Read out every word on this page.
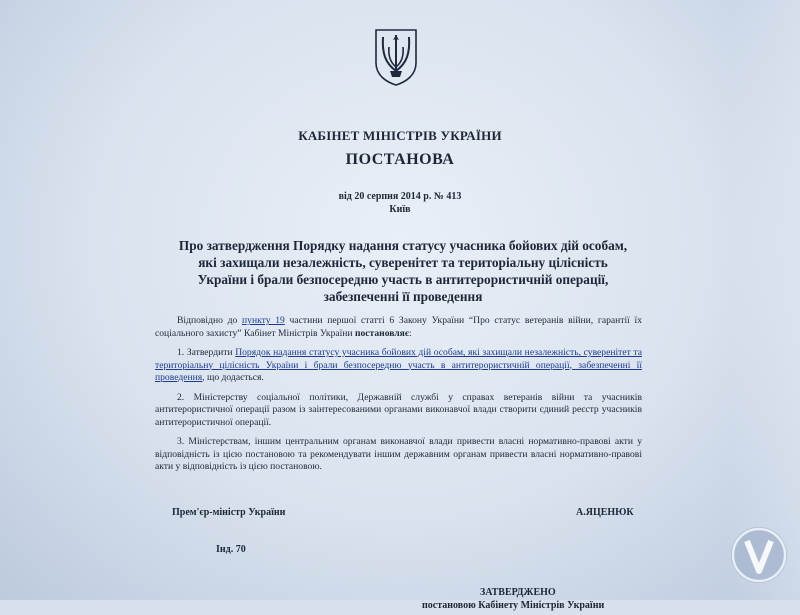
КАБІНЕТ МІНІСТРІВ УКРАЇНИ
ПОСТАНОВА
від 20 серпня 2014 р. № 413
Київ
Про затвердження Порядку надання статусу учасника бойових дій особам, які захищали незалежність, суверенітет та територіальну цілісність України і брали безпосередню участь в антитерористичній операції, забезпеченні її проведення

Відповідно до пункту 19 частини першої статті 6 Закону України “Про статус ветеранів війни, гарантії їх соціального захисту” Кабінет Міністрів України постановляє:

1. Затвердити Порядок надання статусу учасника бойових дій особам, які захищали незалежність, суверенітет та територіальну цілісність України і брали безпосередню участь в антитерористичній операції, забезпеченні її проведення, що додається.

2. Міністерству соціальної політики, Державній службі у справах ветеранів війни та учасників антитерористичної операції разом із заінтересованими органами виконавчої влади створити єдиний реєстр учасників антитерористичної операції.

3. Міністерствам, іншим центральним органам виконавчої влади привести власні нормативно-правові акти у відповідність із цією постановою та рекомендувати іншим державним органам привести власні нормативно-правові акти у відповідність із цією постановою.

Прем'єр-міністр України	А.ЯЦЕНЮК
Інд. 70
ЗАТВЕРДЖЕНО
постановою Кабінету Міністрів України
